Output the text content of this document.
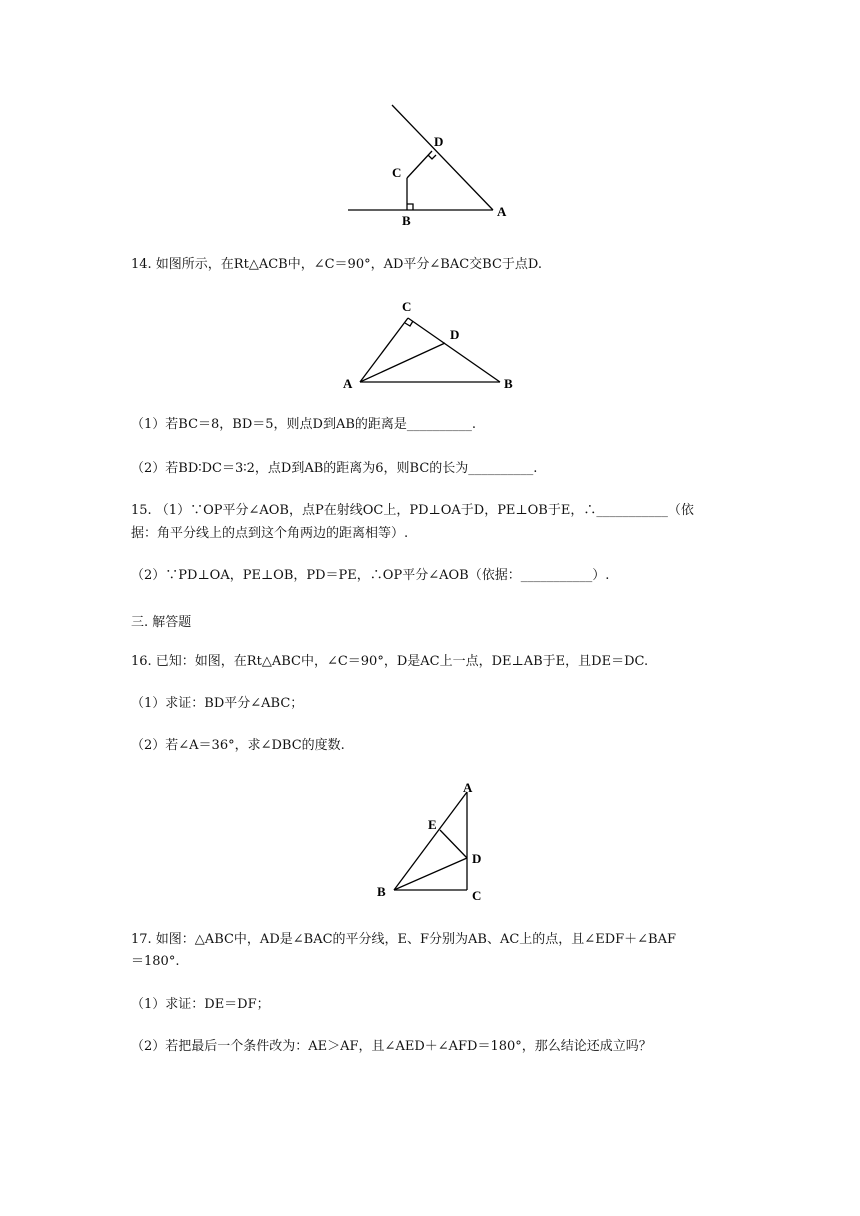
D
C
B
A
14. 如图所示，在Rt△ACB中，∠C＝90°，AD平分∠BAC交BC于点D.
C
D
A	B
（1）若BC＝8，BD＝5，则点D到AB的距离是__________.
（2）若BD∶DC＝3∶2，点D到AB的距离为6，则BC的长为__________.
15. （1）∵OP平分∠AOB，点P在射线OC上，PD⊥OA于D，PE⊥OB于E，∴___________（依
据：角平分线上的点到这个角两边的距离相等）.
（2）∵PD⊥OA，PE⊥OB，PD＝PE，∴OP平分∠AOB（依据：___________）.
三. 解答题
16. 已知：如图，在Rt△ABC中，∠C＝90°，D是AC上一点，DE⊥AB于E，且DE＝DC.
（1）求证：BD平分∠ABC；
（2）若∠A＝36°，求∠DBC的度数.
A
E
D
B	C
17. 如图：△ABC中，AD是∠BAC的平分线，E、F分别为AB、AC上的点，且∠EDF＋∠BAF
＝180°.
（1）求证：DE＝DF；
（2）若把最后一个条件改为：AE＞AF，且∠AED＋∠AFD＝180°，那么结论还成立吗？
